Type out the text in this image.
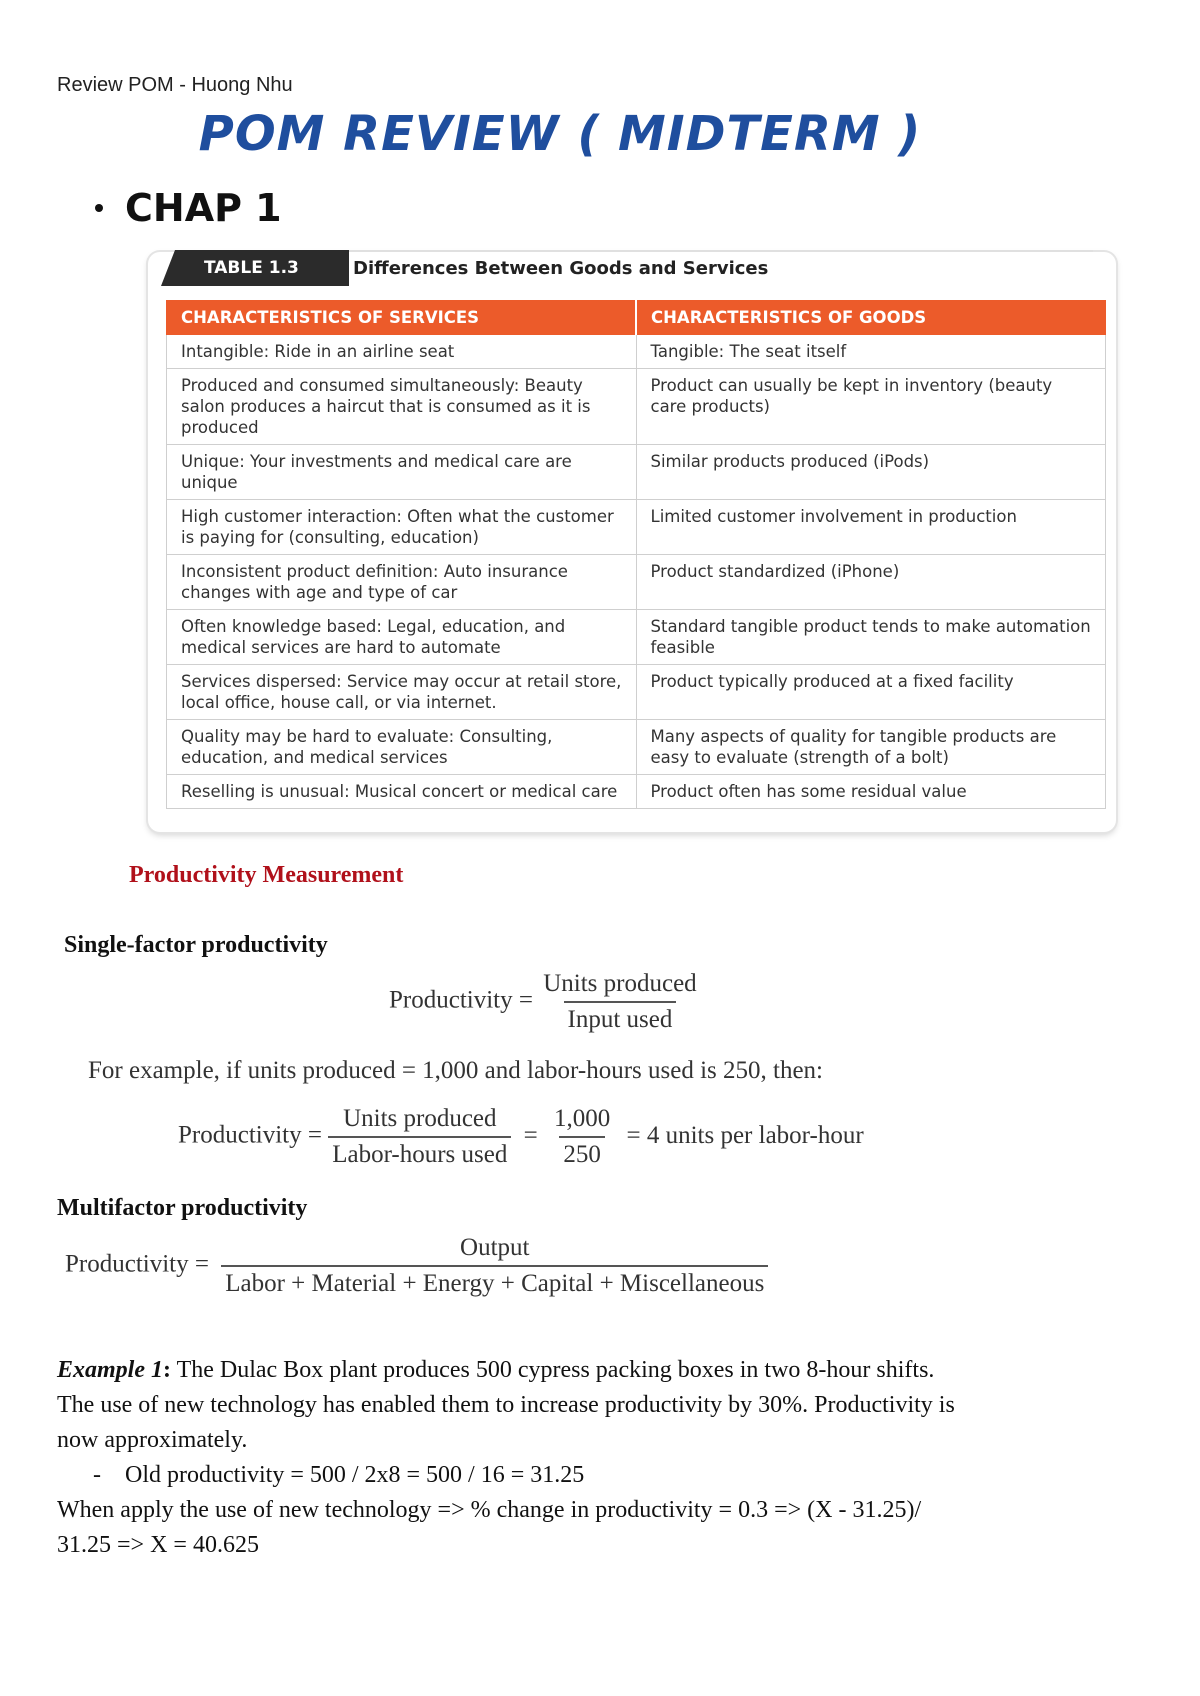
Review POM - Huong Nhu
POM REVIEW ( MIDTERM )
CHAP 1
TABLE 1.3	Differences Between Goods and Services
CHARACTERISTICS OF SERVICES	CHARACTERISTICS OF GOODS
Intangible: Ride in an airline seat	Tangible: The seat itself
Produced and consumed simultaneously: Beauty salon produces a haircut that is consumed as it is produced	Product can usually be kept in inventory (beauty care products)
Unique: Your investments and medical care are unique	Similar products produced (iPods)
High customer interaction: Often what the customer is paying for (consulting, education)	Limited customer involvement in production
Inconsistent product definition: Auto insurance changes with age and type of car	Product standardized (iPhone)
Often knowledge based: Legal, education, and medical services are hard to automate	Standard tangible product tends to make automation feasible
Services dispersed: Service may occur at retail store, local office, house call, or via internet.	Product typically produced at a fixed facility
Quality may be hard to evaluate: Consulting, education, and medical services	Many aspects of quality for tangible products are easy to evaluate (strength of a bolt)
Reselling is unusual: Musical concert or medical care	Product often has some residual value
Productivity Measurement
Single-factor productivity
Productivity = $\frac{\text{Units produced}}{\text{Input used}}$
For example, if units produced = 1,000 and labor-hours used is 250, then:
Productivity = $\frac{\text{Units produced}}{\text{Labor-hours used}} = \frac{1,000}{250} = 4$ units per labor-hour
Multifactor productivity
Productivity = $\frac{\text{Output}}{\text{Labor + Material + Energy + Capital + Miscellaneous}}$
Example 1: The Dulac Box plant produces 500 cypress packing boxes in two 8-hour shifts.
The use of new technology has enabled them to increase productivity by 30%. Productivity is
now approximately.
- Old productivity = 500 / 2x8 = 500 / 16 = 31.25
When apply the use of new technology => % change in productivity = 0.3 => (X - 31.25)/
31.25 => X = 40.625
